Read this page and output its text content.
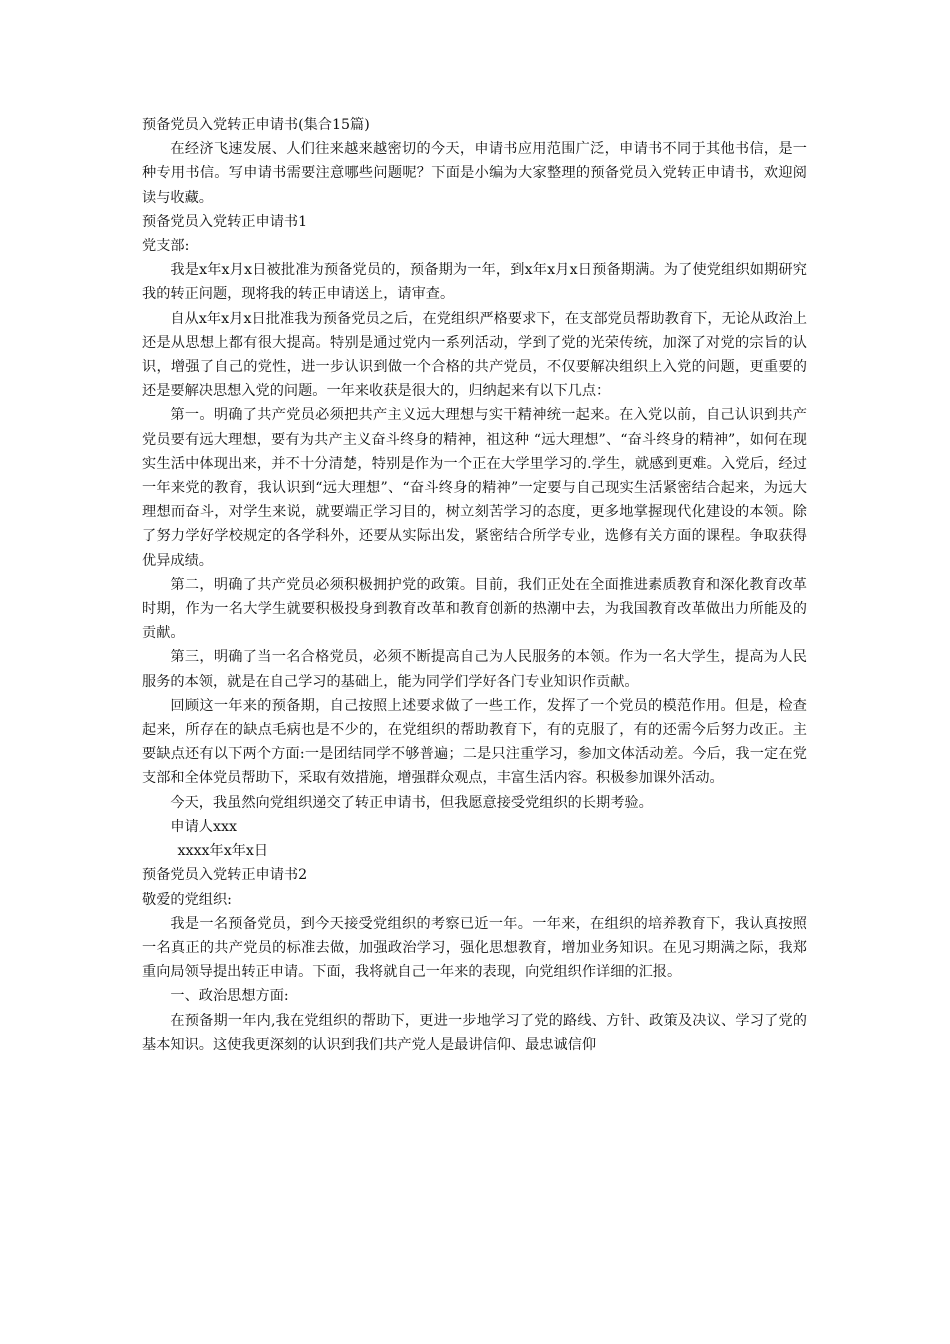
预备党员入党转正申请书(集合15篇)

在经济飞速发展、人们往来越来越密切的今天，申请书应用范围广泛，申请书不同于其他书信，是一种专用书信。写申请书需要注意哪些问题呢？下面是小编为大家整理的预备党员入党转正申请书，欢迎阅读与收藏。

预备党员入党转正申请书1

党支部:

我是x年x月x日被批准为预备党员的，预备期为一年，到x年x月x日预备期满。为了使党组织如期研究我的转正问题，现将我的转正申请送上，请审查。

自从x年x月x日批准我为预备党员之后，在党组织严格要求下，在支部党员帮助教育下，无论从政治上还是从思想上都有很大提高。特别是通过党内一系列活动，学到了党的光荣传统，加深了对党的宗旨的认识，增强了自己的党性，进一步认识到做一个合格的共产党员，不仅要解决组织上入党的问题，更重要的还是要解决思想入党的问题。一年来收获是很大的，归纳起来有以下几点：

第一。明确了共产党员必须把共产主义远大理想与实干精神统一起来。在入党以前，自己认识到共产党员要有远大理想，要有为共产主义奋斗终身的精神，祖这种 “远大理想”、“奋斗终身的精神”，如何在现实生活中体现出来，并不十分清楚，特别是作为一个正在大学里学习的.学生，就感到更难。入党后，经过一年来党的教育，我认识到“远大理想”、“奋斗终身的精神”一定要与自己现实生活紧密结合起来，为远大理想而奋斗，对学生来说，就要端正学习目的，树立刻苦学习的态度，更多地掌握现代化建设的本领。除了努力学好学校规定的各学科外，还要从实际出发，紧密结合所学专业，选修有关方面的课程。争取获得优异成绩。

第二，明确了共产党员必须积极拥护党的政策。目前，我们正处在全面推进素质教育和深化教育改革时期，作为一名大学生就要积极投身到教育改革和教育创新的热潮中去，为我国教育改革做出力所能及的贡献。

第三，明确了当一名合格党员，必须不断提高自己为人民服务的本领。作为一名大学生，提高为人民服务的本领，就是在自己学习的基础上，能为同学们学好各门专业知识作贡献。

回顾这一年来的预备期，自己按照上述要求做了一些工作，发挥了一个党员的模范作用。但是，检查起来，所存在的缺点毛病也是不少的，在党组织的帮助教育下，有的克服了，有的还需今后努力改正。主要缺点还有以下两个方面:一是团结同学不够普遍；二是只注重学习，参加文体活动差。今后，我一定在党支部和全体党员帮助下，采取有效措施，增强群众观点，丰富生活内容。积极参加课外活动。

今天，我虽然向党组织递交了转正申请书，但我愿意接受党组织的长期考验。

申请人xxx

xxxx年x年x日

预备党员入党转正申请书2

敬爱的党组织:

我是一名预备党员，到今天接受党组织的考察已近一年。一年来，在组织的培养教育下，我认真按照一名真正的共产党员的标准去做，加强政治学习，强化思想教育，增加业务知识。在见习期满之际，我郑重向局领导提出转正申请。下面，我将就自己一年来的表现，向党组织作详细的汇报。

一、政治思想方面:

在预备期一年内,我在党组织的帮助下，更进一步地学习了党的路线、方针、政策及决议、学习了党的基本知识。这使我更深刻的认识到我们共产党人是最讲信仰、最忠诚信仰
